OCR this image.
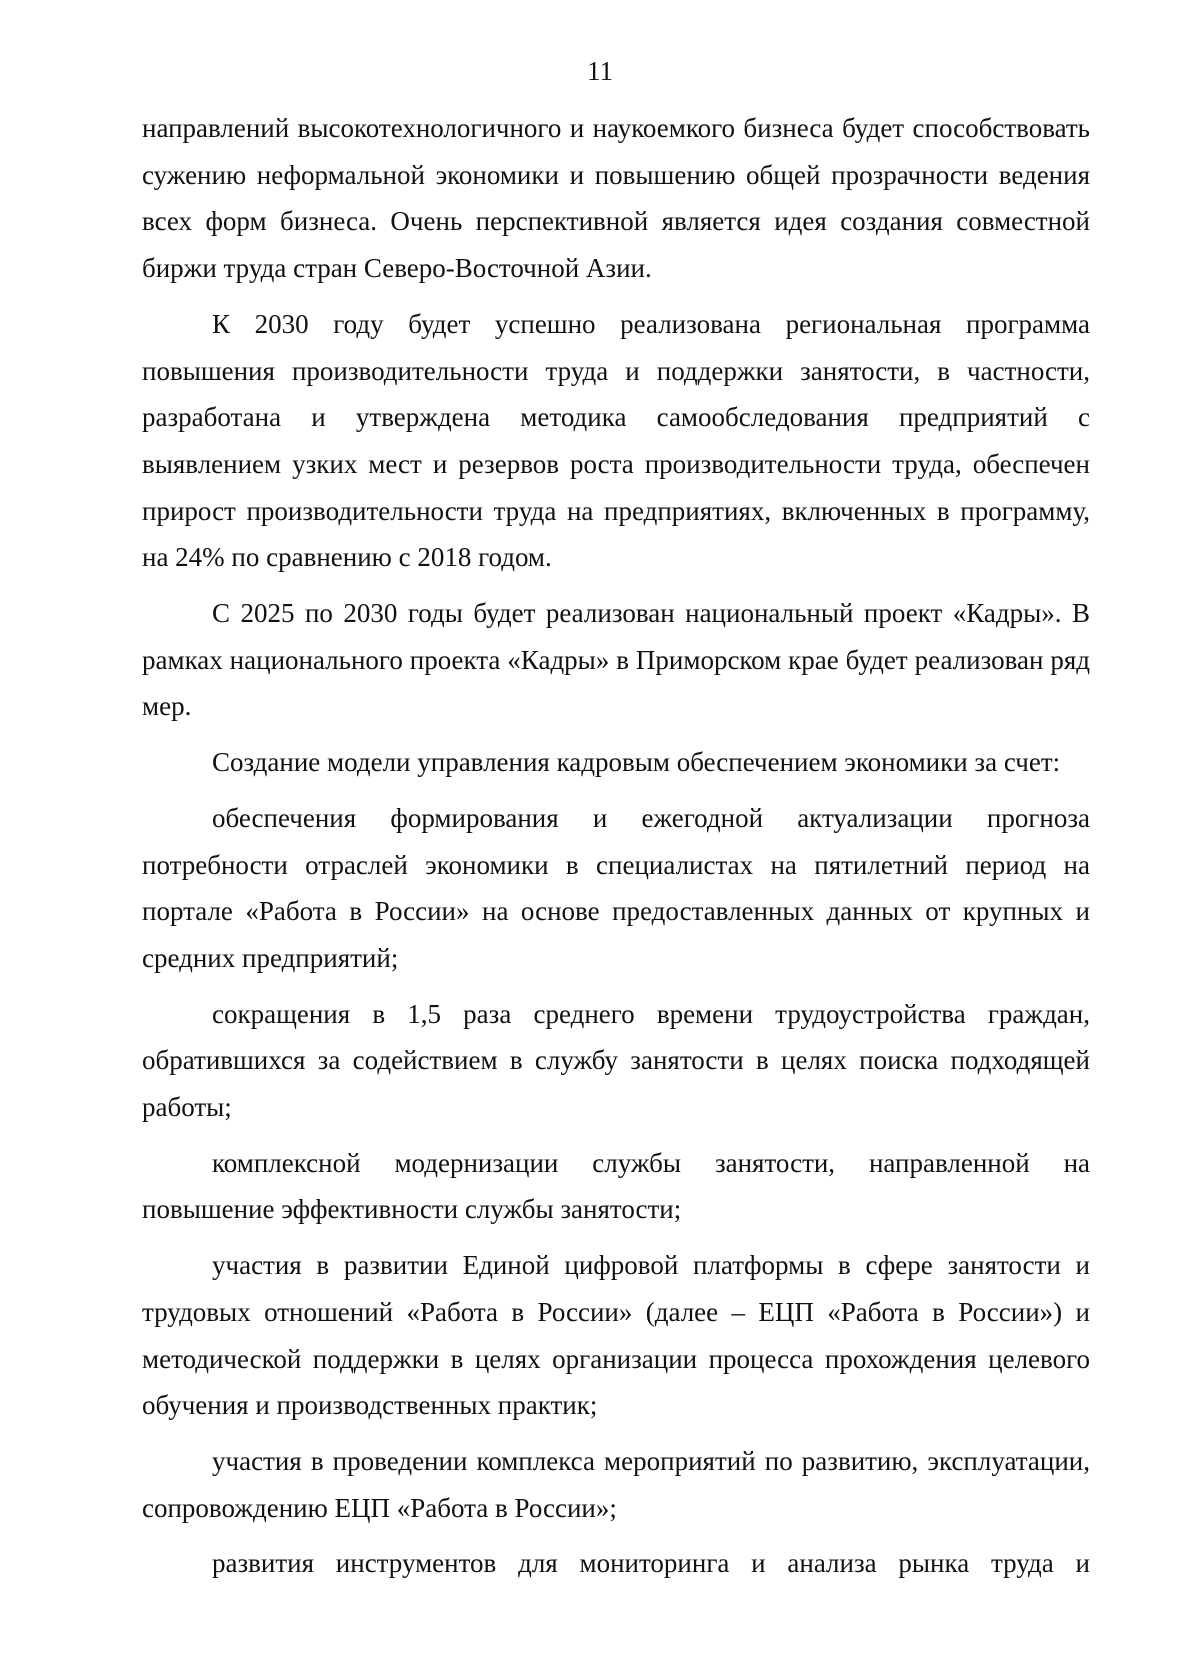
11

направлений высокотехнологичного и наукоемкого бизнеса будет способствовать сужению неформальной экономики и повышению общей прозрачности ведения всех форм бизнеса. Очень перспективной является идея создания совместной биржи труда стран Северо-Восточной Азии.

К 2030 году будет успешно реализована региональная программа повышения производительности труда и поддержки занятости, в частности, разработана и утверждена методика самообследования предприятий с выявлением узких мест и резервов роста производительности труда, обеспечен прирост производительности труда на предприятиях, включенных в программу, на 24% по сравнению с 2018 годом.

С 2025 по 2030 годы будет реализован национальный проект «Кадры». В рамках национального проекта «Кадры» в Приморском крае будет реализован ряд мер.

Создание модели управления кадровым обеспечением экономики за счет:

обеспечения формирования и ежегодной актуализации прогноза потребности отраслей экономики в специалистах на пятилетний период на портале «Работа в России» на основе предоставленных данных от крупных и средних предприятий;

сокращения в 1,5 раза среднего времени трудоустройства граждан, обратившихся за содействием в службу занятости в целях поиска подходящей работы;

комплексной модернизации службы занятости, направленной на повышение эффективности службы занятости;

участия в развитии Единой цифровой платформы в сфере занятости и трудовых отношений «Работа в России» (далее – ЕЦП «Работа в России») и методической поддержки в целях организации процесса прохождения целевого обучения и производственных практик;

участия в проведении комплекса мероприятий по развитию, эксплуатации, сопровождению ЕЦП «Работа в России»;

развития инструментов для мониторинга и анализа рынка труда и
